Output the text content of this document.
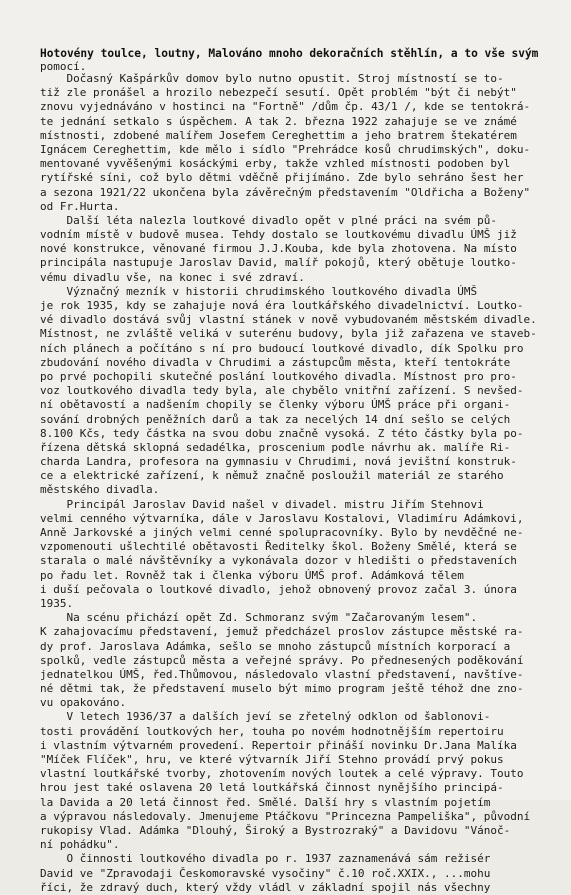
Hotovény toulce, loutny, Malováno mnoho dekoračních stěhlín, a to vše svým
pomocí.
Dočasný Kašpárkův domov bylo nutno opustit. Stroj místností se to-
tiž zle pronášel a hrozilo nebezpečí sesutí. Opět problém "být či nebýt"
znovu vyjednáváno v hostinci na "Fortně" /dům čp. 43/1 /, kde se tentokrá-
te jednání setkalo s úspěchem. A tak 2. března 1922 zahajuje se ve známé
místnosti, zdobené malířem Josefem Cereghettim a jeho bratrem štekatérem
Ignácem Cereghettim, kde mělo i sídlo "Prehrádce kosů chrudimských", doku-
mentované vyvěšenými kosáckými erby, takže vzhled místnosti podoben byl
rytířské síni, což bylo dětmi vděčně přijímáno. Zde bylo sehráno šest her
a sezona 1921/22 ukončena byla závěrečným představením "Oldřicha a Boženy"
od Fr.Hurta.
Další léta nalezla loutkové divadlo opět v plné práci na svém pů-
vodním místě v budově musea. Tehdy dostalo se loutkovému divadlu ÚMŠ již
nové konstrukce, věnované firmou J.J.Kouba, kde byla zhotovena. Na místo
principála nastupuje Jaroslav David, malíř pokojů, který obětuje loutko-
vému divadlu vše, na konec i své zdraví.
Význačný mezník v historii chrudimského loutkového divadla ÚMŠ
je rok 1935, kdy se zahajuje nová éra loutkářského divadelnictví. Loutko-
vé divadlo dostává svůj vlastní stánek v nově vybudovaném městském divadle.
Místnost, ne zvláště veliká v suterénu budovy, byla již zařazena ve staveb-
ních plánech a počítáno s ní pro budoucí loutkové divadlo, dík Spolku pro
zbudování nového divadla v Chrudimi a zástupcům města, kteří tentokráte
po prvé pochopili skutečné poslání loutkového divadla. Místnost pro pro-
voz loutkového divadla tedy byla, ale chybělo vnitřní zařízení. S nevšed-
ní obětavostí a nadšením chopily se členky výboru ÚMŠ práce při organi-
sování drobných peněžních darů a tak za necelých 14 dní sešlo se celých
8.100 Kčs, tedy částka na svou dobu značně vysoká. Z této částky byla po-
řízena dětská sklopná sedadélka, proscenium podle návrhu ak. malíře Ri-
charda Landra, profesora na gymnasiu v Chrudimi, nová jevištní konstruk-
ce a elektrické zařízení, k němuž značně posloužil materiál ze starého
městského divadla.
Principál Jaroslav David našel v divadel. mistru Jiřím Stehnovi
velmi cenného výtvarníka, dále v Jaroslavu Kostalovi, Vladimíru Adámkovi,
Anně Jarkovské a jiných velmi cenné spolupracovníky. Bylo by nevděčné ne-
vzpomenouti ušlechtilé obětavosti Ředitelky škol. Boženy Smělé, která se
starala o malé návštěvníky a vykonávala dozor v hledišti o představeních
po řadu let. Rovněž tak i členka výboru ÚMŠ prof. Adámková tělem
i duší pečovala o loutkové divadlo, jehož obnovený provoz začal 3. února
1935.
Na scénu přichází opět Zd. Schmoranz svým "Začarovaným lesem".
K zahajovacímu představení, jemuž předcházel proslov zástupce městské ra-
dy prof. Jaroslava Adámka, sešlo se mnoho zástupců místních korporací a
spolků, vedle zástupců města a veřejné správy. Po přednesených poděkování
jednatelkou ÚMŠ, řed.Thůmovou, následovalo vlastní představení, navštíve-
né dětmi tak, že představení muselo být mimo program ještě téhož dne zno-
vu opakováno.
V letech 1936/37 a dalších jeví se zřetelný odklon od šablonovi-
tosti provádění loutkových her, touha po novém hodnotnějším repertoiru
i vlastním výtvarném provedení. Repertoir přináší novinku Dr.Jana Malíka
"Míček Flíček", hru, ve které výtvarník Jiří Stehno provádí prvý pokus
vlastní loutkářské tvorby, zhotovením nových loutek a celé výpravy. Touto
hrou jest také oslavena 20 letá loutkářská činnost nynějšího principá-
la Davida a 20 letá činnost řed. Smělé. Další hry s vlastním pojetím
a výpravou následovaly. Jmenujeme Ptáčkovu "Princezna Pampeliška", původní
rukopisy Vlad. Adámka "Dlouhý, Široký a Bystrozraký" a Davidovu "Vánoč-
ní pohádku".
O činnosti loutkového divadla po r. 1937 zaznamenává sám režisér
David ve "Zpravodaji Českomoravské vysočiny" č.10 roč.XXIX., ...mohu
říci, že zdravý duch, který vždy vládl v základní spojil nás všechny
